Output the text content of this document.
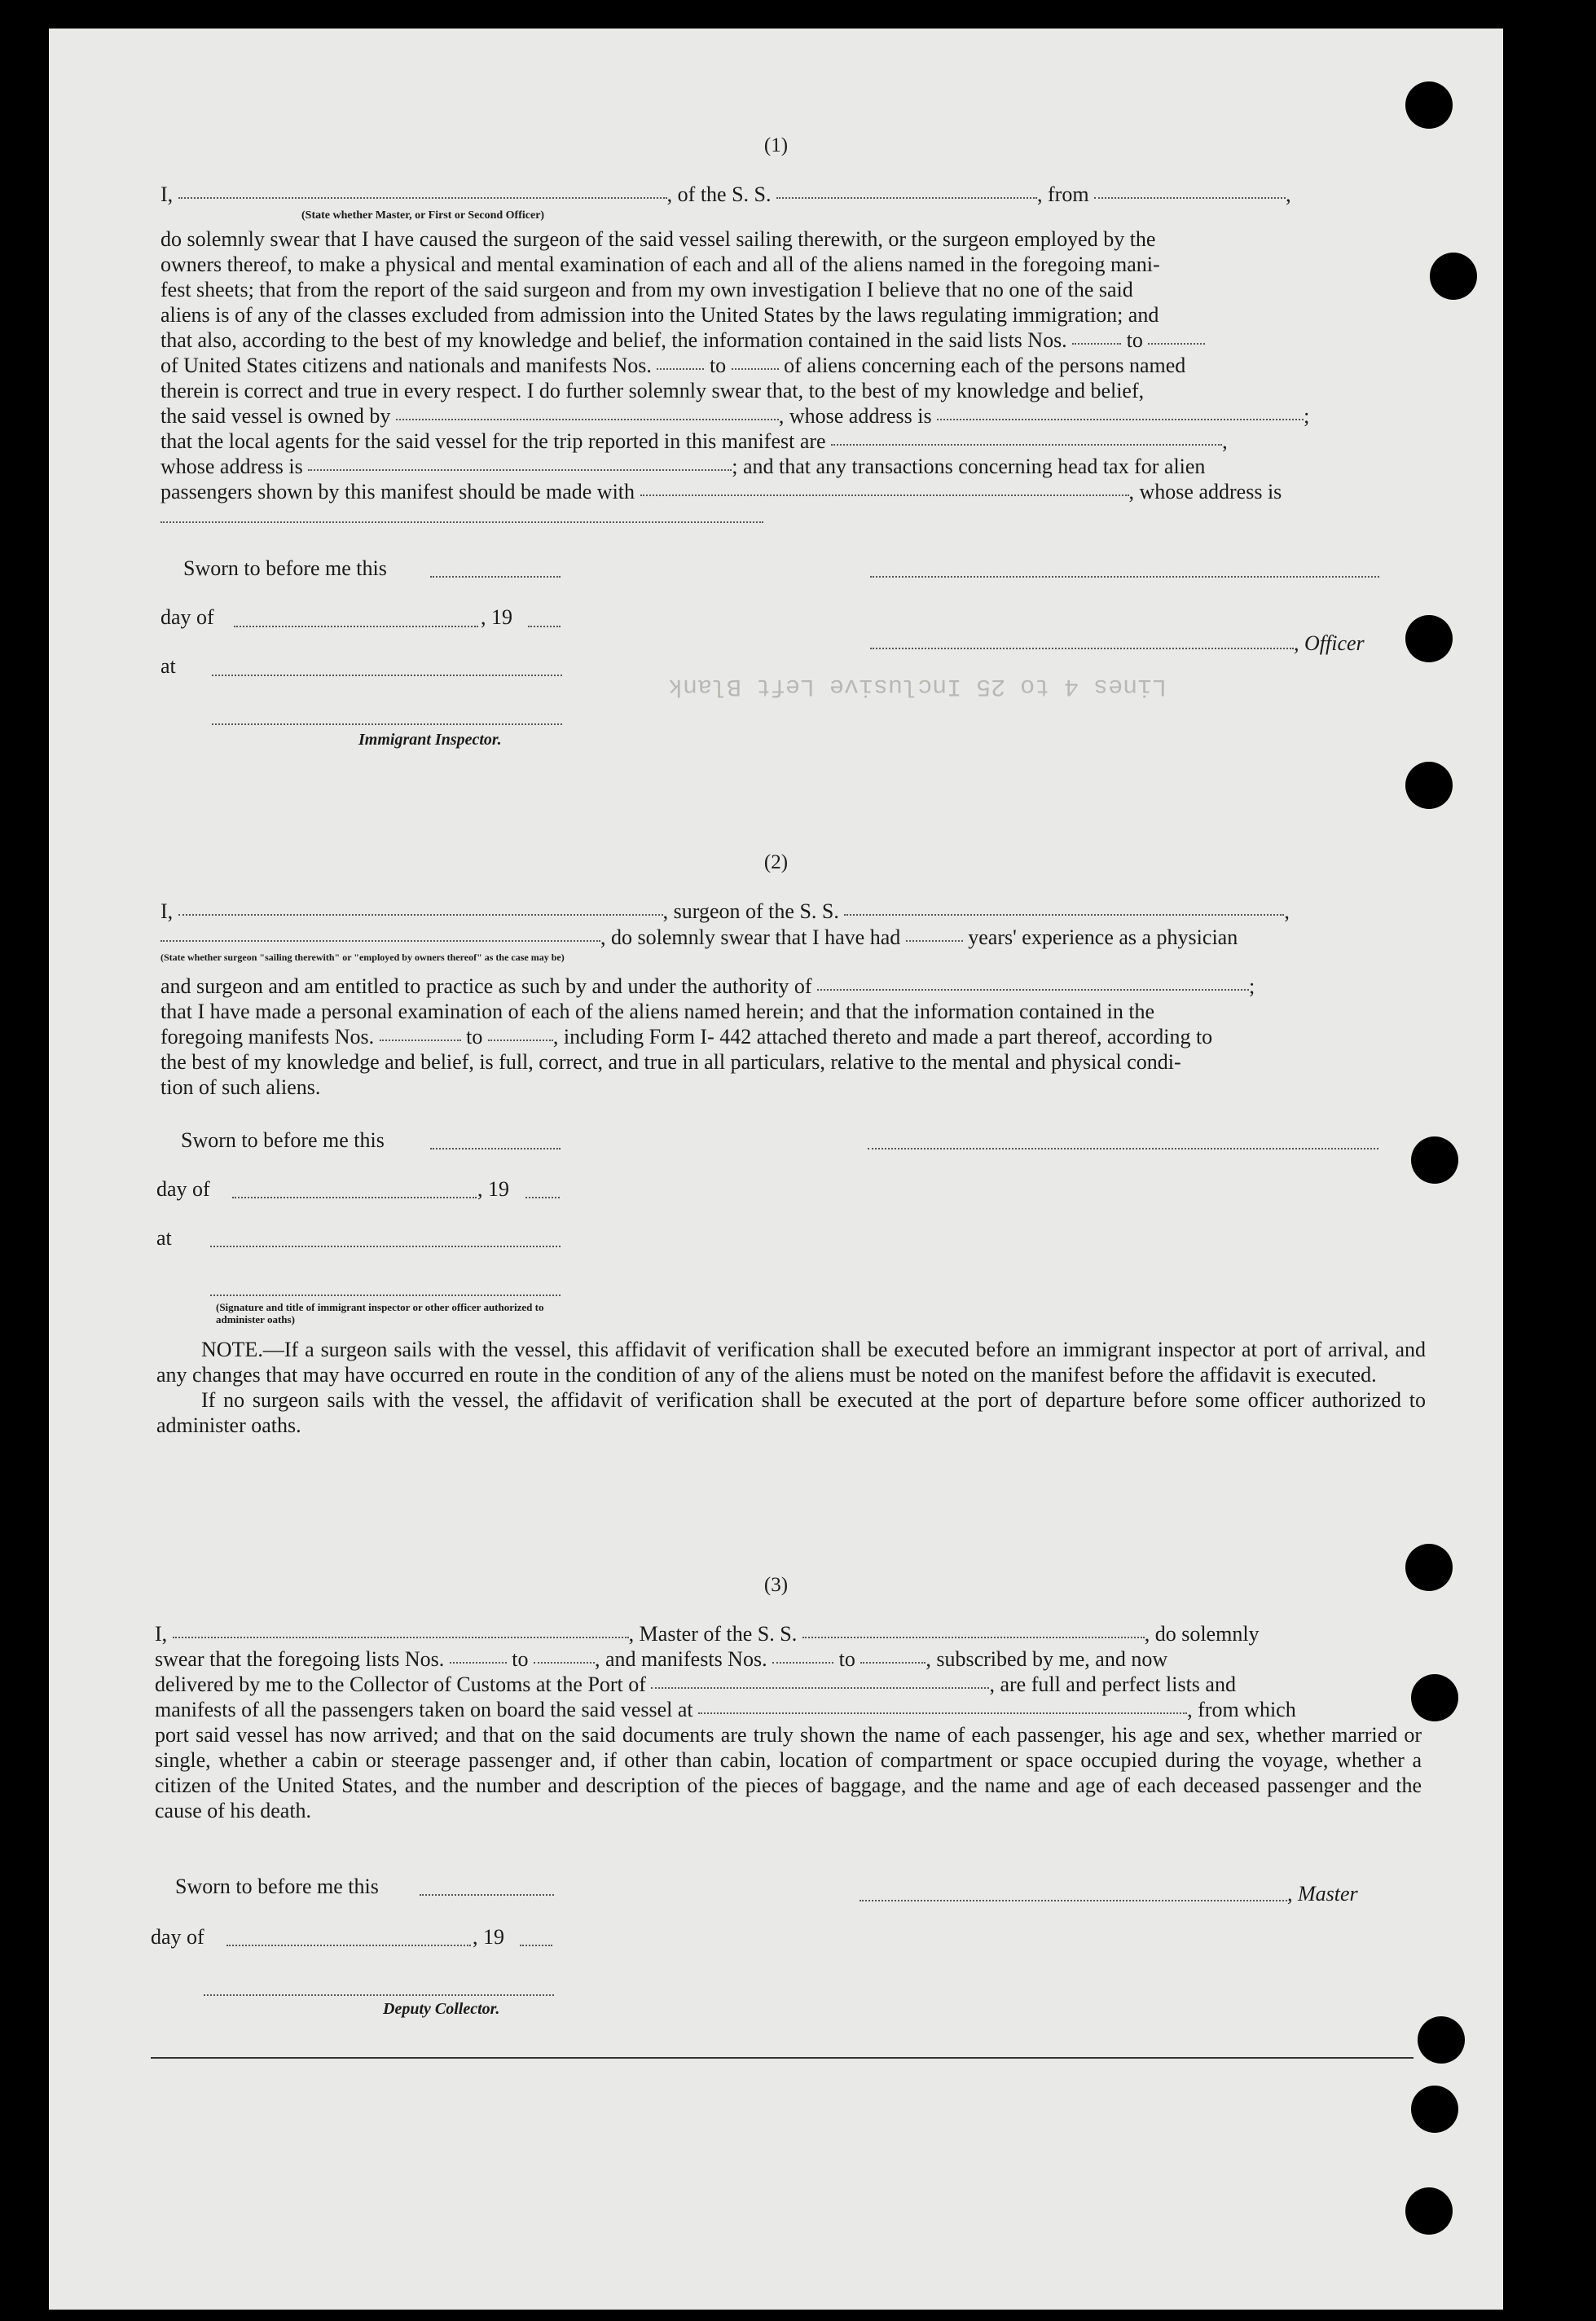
(1)
I,	, of the S. S.	, from	,
(State whether Master, or First or Second Officer)

do solemnly swear that I have caused the surgeon of the said vessel sailing therewith, or the surgeon employed by the

owners thereof, to make a physical and mental examination of each and all of the aliens named in the foregoing mani-

fest sheets; that from the report of the said surgeon and from my own investigation I believe that no one of the said

aliens is of any of the classes excluded from admission into the United States by the laws regulating immigration; and

that also, according to the best of my knowledge and belief, the information contained in the said lists Nos.	to

of United States citizens and nationals and manifests Nos.	to	of aliens concerning each of the persons named

therein is correct and true in every respect. I do further solemnly swear that, to the best of my knowledge and belief,

the said vessel is owned by	, whose address is	;

that the local agents for the said vessel for the trip reported in this manifest are	,

whose address is	; and that any transactions concerning head tax for alien

passengers shown by this manifest should be made with	, whose address is

Sworn to before me this
day of	, 19
, Officer
at
Lines 4 to 25 Inclusive Left Blank
Immigrant Inspector.
(2)
I,	, surgeon of the S. S.	,
, do solemnly swear that I have had	years' experience as a physician
(State whether surgeon "sailing therewith" or "employed by owners thereof" as the case may be)

and surgeon and am entitled to practice as such by and under the authority of	;

that I have made a personal examination of each of the aliens named herein; and that the information contained in the

foregoing manifests Nos.	to	, including Form I- 442 attached thereto and made a part thereof, according to

the best of my knowledge and belief, is full, correct, and true in all particulars, relative to the mental and physical condi-

tion of such aliens.

Sworn to before me this
day of	, 19
at
(Signature and title of immigrant inspector or other officer authorized to administer oaths)

NOTE.—If a surgeon sails with the vessel, this affidavit of verification shall be executed before an immigrant inspector at port of arrival, and any changes that may have occurred en route in the condition of any of the aliens must be noted on the manifest before the affidavit is executed.

If no surgeon sails with the vessel, the affidavit of verification shall be executed at the port of departure before some officer authorized to administer oaths.

(3)

I,	, Master of the S. S.	, do solemnly

swear that the foregoing lists Nos.	to	, and manifests Nos.	to	, subscribed by me, and now

delivered by me to the Collector of Customs at the Port of	, are full and perfect lists and

manifests of all the passengers taken on board the said vessel at	, from which

port said vessel has now arrived; and that on the said documents are truly shown the name of each passenger, his age and sex, whether married or single, whether a cabin or steerage passenger and, if other than cabin, location of compartment or space occupied during the voyage, whether a citizen of the United States, and the number and description of the pieces of baggage, and the name and age of each deceased passenger and the cause of his death.

Sworn to before me this	, Master
day of	, 19
Deputy Collector.
